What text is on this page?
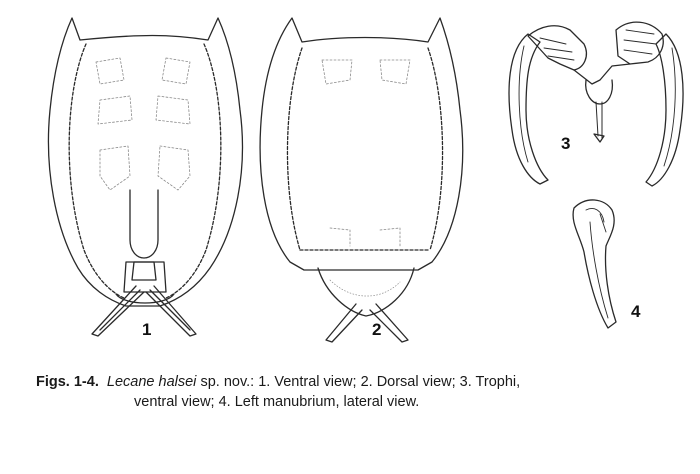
1	2
3
4
Figs. 1-4. Lecane halsei sp. nov.: 1. Ventral view; 2. Dorsal view; 3. Trophi,
ventral view; 4. Left manubrium, lateral view.
